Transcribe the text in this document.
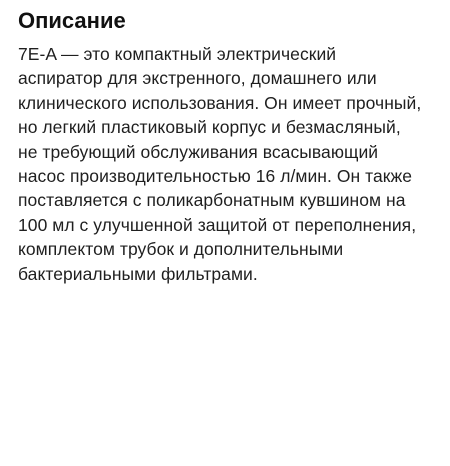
Описание

7E-A — это компактный электрический
аспиратор для экстренного, домашнего или
клинического использования. Он имеет прочный,
но легкий пластиковый корпус и безмасляный,
не требующий обслуживания всасывающий
насос производительностью 16 л/мин. Он также
поставляется с поликарбонатным кувшином на
100 мл с улучшенной защитой от переполнения,
комплектом трубок и дополнительными
бактериальными фильтрами.
